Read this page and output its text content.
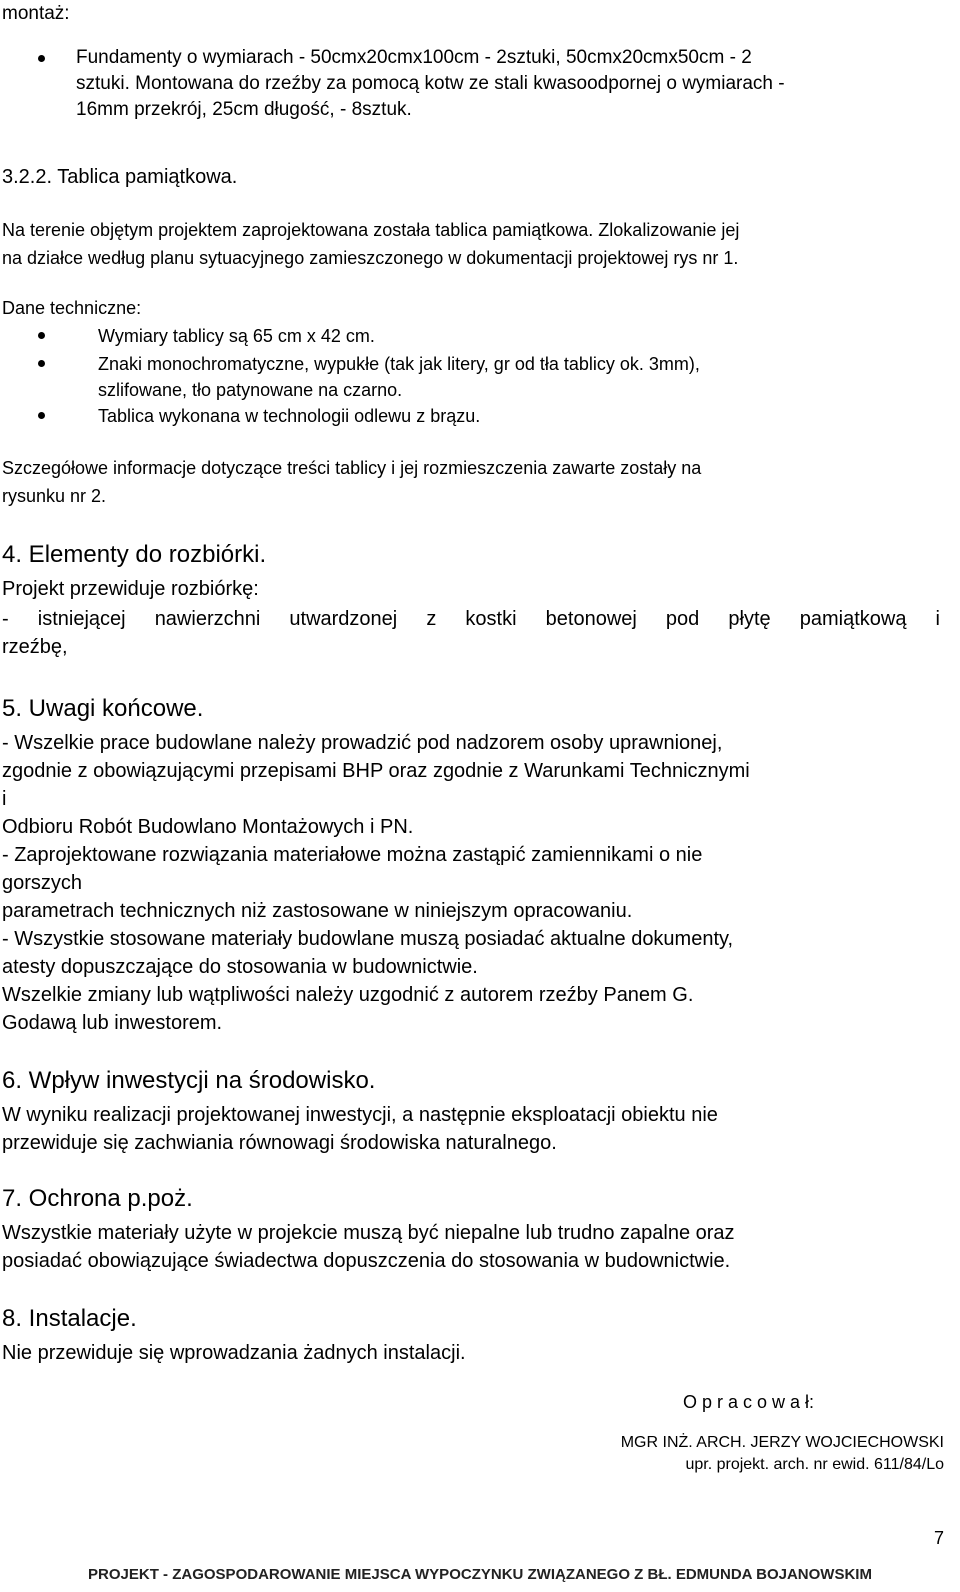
montaż:
Fundamenty o wymiarach - 50cmx20cmx100cm - 2sztuki, 50cmx20cmx50cm - 2
sztuki. Montowana do rzeźby za pomocą kotw ze stali kwasoodpornej o wymiarach -
16mm przekrój, 25cm długość, - 8sztuk.
3.2.2. Tablica pamiątkowa.
Na terenie objętym projektem zaprojektowana została tablica pamiątkowa. Zlokalizowanie jej
na działce według planu sytuacyjnego zamieszczonego w dokumentacji projektowej rys nr 1.
Dane techniczne:
Wymiary tablicy są 65 cm x 42 cm.
Znaki monochromatyczne, wypukłe (tak jak litery, gr od tła tablicy ok. 3mm),
szlifowane, tło patynowane na czarno.
Tablica wykonana w technologii odlewu z brązu.
Szczegółowe informacje dotyczące treści tablicy i jej rozmieszczenia zawarte zostały na
rysunku nr 2.
4. Elementy do rozbiórki.
Projekt przewiduje rozbiórkę:
- istniejącej nawierzchni utwardzonej z kostki betonowej pod płytę pamiątkową i
rzeźbę,
5. Uwagi końcowe.
- Wszelkie prace budowlane należy prowadzić pod nadzorem osoby uprawnionej,
zgodnie z obowiązującymi przepisami BHP oraz zgodnie z Warunkami Technicznymi
i
Odbioru Robót Budowlano Montażowych i PN.
- Zaprojektowane rozwiązania materiałowe można zastąpić zamiennikami o nie
gorszych
parametrach technicznych niż zastosowane w niniejszym opracowaniu.
- Wszystkie stosowane materiały budowlane muszą posiadać aktualne dokumenty,
atesty dopuszczające do stosowania w budownictwie.
Wszelkie zmiany lub wątpliwości należy uzgodnić z autorem rzeźby Panem G.
Godawą lub inwestorem.
6. Wpływ inwestycji na środowisko.
W wyniku realizacji projektowanej inwestycji, a następnie eksploatacji obiektu nie
przewiduje się zachwiania równowagi środowiska naturalnego.
7. Ochrona p.poż.
Wszystkie materiały użyte w projekcie muszą być niepalne lub trudno zapalne oraz
posiadać obowiązujące świadectwa dopuszczenia do stosowania w budownictwie.
8. Instalacje.
Nie przewiduje się wprowadzania żadnych instalacji.
O p r a c o w a ł:
MGR INŻ. ARCH. JERZY WOJCIECHOWSKI
upr. projekt. arch. nr ewid. 611/84/Lo
7
PROJEKT - ZAGOSPODAROWANIE MIEJSCA WYPOCZYNKU ZWIĄZANEGO Z BŁ. EDMUNDA BOJANOWSKIM
